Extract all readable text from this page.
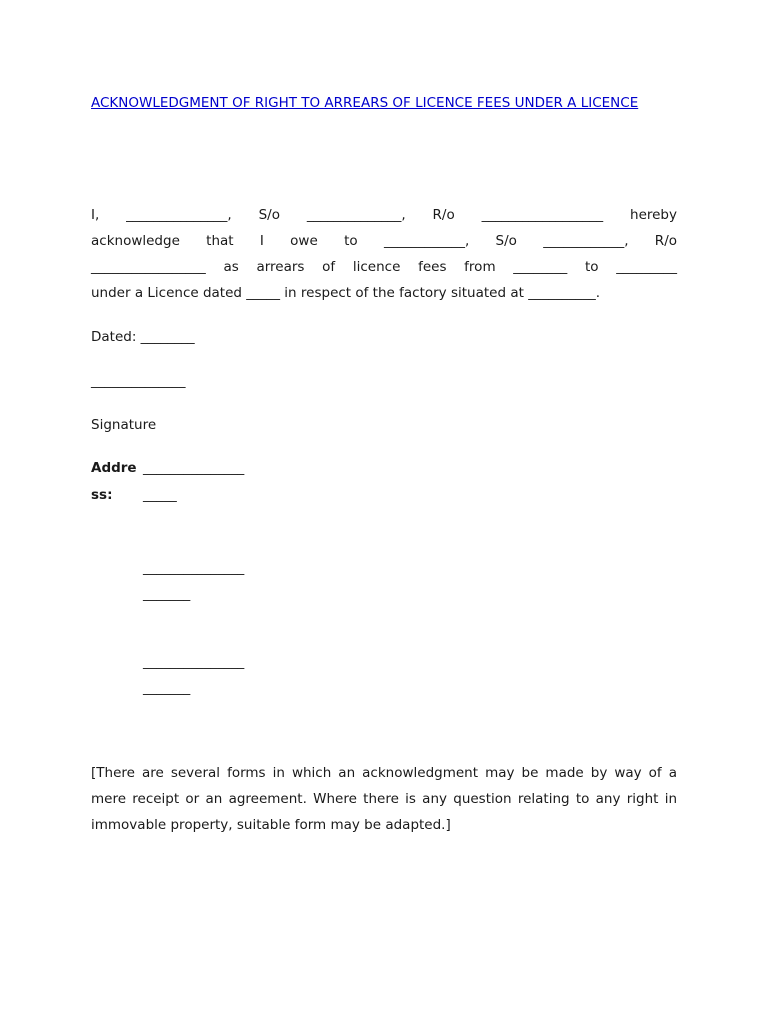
ACKNOWLEDGMENT OF RIGHT TO ARREARS OF LICENCE FEES UNDER A LICENCE

I, _______________, S/o ______________, R/o __________________ hereby
acknowledge that I owe to ____________, S/o ____________, R/o
_________________ as arrears of licence fees from ________ to _________
under a Licence dated _____ in respect of the factory situated at __________.

Dated: ________

______________

Signature

Addre _______________

ss: _____

_______________

_______

_______________

_______

[There are several forms in which an acknowledgment may be made by way of a
mere receipt or an agreement. Where there is any question relating to any right in
immovable property, suitable form may be adapted.]
